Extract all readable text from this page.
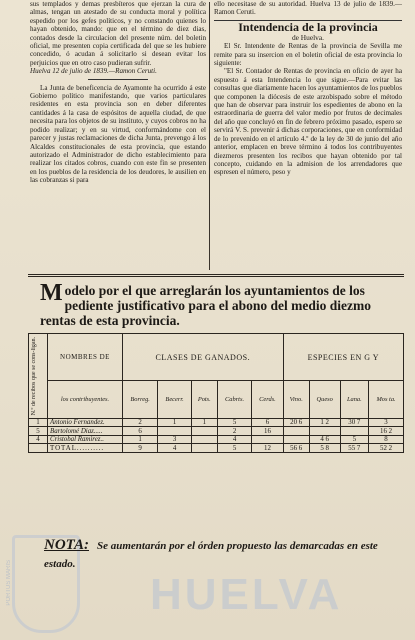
sus templados y demas presbíteros que ejerzan la cura de almas, tengan un atestado de su conducta moral y política espedido por los gefes políticos, y no constando quienes lo hayan obtenido, mando: que en el término de diez dias, contados desde la circulacion del presente núm. del boletin oficial, me presenten copia certificada del que se les hubiere concedido, ó acudan á solicitarlo si desean evitar los perjuicios que en otro caso pudieran sufrir.

Huelva 12 de julio de 1839.—Ramon Ceruti.

La Junta de beneficencia de Ayamonte ha ocurrido á este Gobierno político manifestando, que varios particulares residentes en esta provincia son en deber diferentes cantidades á la casa de espósitos de aquella ciudad, de que necesita para los objetos de su instituto, y cuyos cobros no ha podido realizar; y en su virtud, conformándome con el parecer y justas reclamaciones de dicha Junta, prevengo á los Alcaldes constitucionales de esta provincia, que estando autorizado el Administrador de dicho establecimiento para realizar los citados cobros, cuando con este fin se presenten en los pueblos de la residencia de los deudores, le ausilien en las cobranzas si para

ello necesitase de su autoridad. Huelva 13 de julio de 1839.—Ramon Ceruti.

Intendencia de la provincia

de Huelva.

El Sr. Intendente de Rentas de la provincia de Sevilla me remite para su insercion en el boletin oficial de esta provincia lo siguiente:

"El Sr. Contador de Rentas de provincia en oficio de ayer ha espuesto á esta Intendencia lo que sigue.—Para evitar las consultas que diariamente hacen los ayuntamientos de los pueblos que componen la diócesis de este arzobispado sobre el método que han de observar para instruir los espedientes de abono en la estraordinaria de guerra del valor medio por frutos de decimales del año que concluyó en fin de febrero próximo pasado, espero se servirá V. S. prevenir á dichas corporaciones, que en conformidad de lo prevenido en el artículo 4.º de la ley de 30 de junio del año anterior, emplacen en breve término á todos los contribuyentes diezmeros presenten los recibos que hayan obtenido por tal concepto, cuidando en la admision de los arrendadores que espresen el número, peso y

Modelo por el que arreglarán los ayuntamientos de los pediente justificativo para el abono del medio diezmo rentas de esta provincia.
N.º de recibos que se cons-ligan.	NOMBRES DE	CLASES DE GANADOS.					ESPECIES EN G Y			
	los contribuyentes.	Borreg.	Becerr.	Pots.	Cabrts.	Cerds.	Vino.	Queso	Lana.	Mos ta.
1	Antonio Fernandez.	2	1	1	5	6	20 6	1 2	30 7	3
5	Bartolomé Diaz.....	6			2	16				16 2
4	Cristobal Ramirez..	1	3		4			4 6	5	8
	TOTAL..........	9	4		5	12	56 6	5 8	55 7	52 2
PORTUS MARIS	HUELVA
NOTA: Se aumentarán por el órden propuesto las demarcadas en este estado.
